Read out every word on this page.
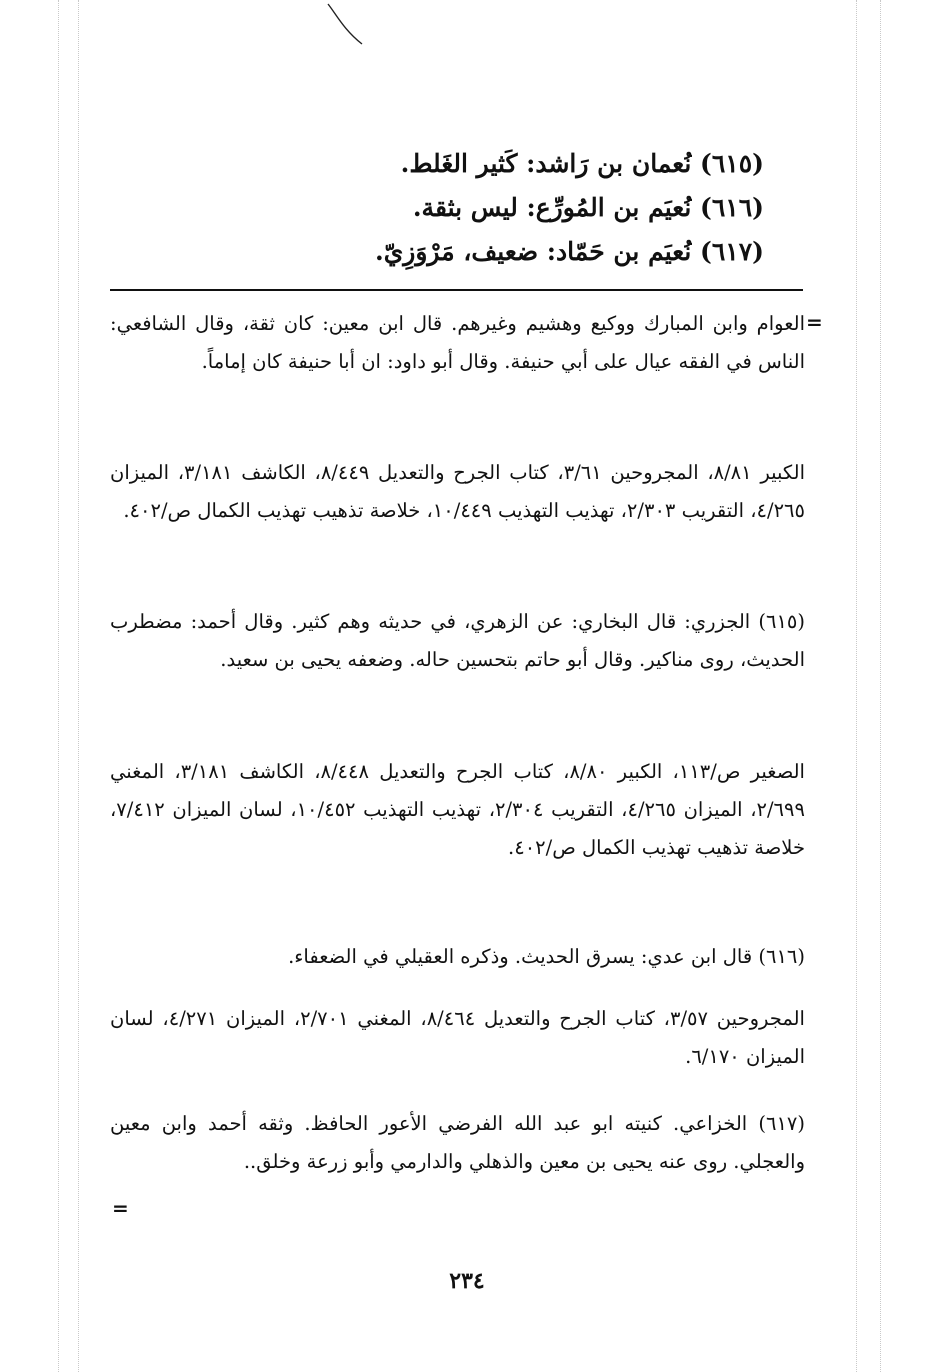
(٦١٥) نُعمان بن رَاشد: كَثير الغَلط.
(٦١٦) نُعيَم بن المُورِّع: ليس بثقة.
(٦١٧) نُعيَم بن حَمّاد: ضعيف، مَرْوَزِيّ.
=
العوام وابن المبارك ووكيع وهشيم وغيرهم. قال ابن معين: كان ثقة، وقال الشافعي: الناس في الفقه عيال على أبي حنيفة. وقال أبو داود: ان أبا حنيفة كان إماماً.
الكبير ٨/٨١، المجروحين ٣/٦١، كتاب الجرح والتعديل ٨/٤٤٩، الكاشف ٣/١٨١، الميزان ٤/٢٦٥، التقريب ٢/٣٠٣، تهذيب التهذيب ١٠/٤٤٩، خلاصة تذهيب تهذيب الكمال ص/٤٠٢.
(٦١٥) الجزري: قال البخاري: عن الزهري، في حديثه وهم كثير. وقال أحمد: مضطرب الحديث، روى مناكير. وقال أبو حاتم بتحسين حاله. وضعفه يحيى بن سعيد.
الصغير ص/١١٣، الكبير ٨/٨٠، كتاب الجرح والتعديل ٨/٤٤٨، الكاشف ٣/١٨١، المغني ٢/٦٩٩، الميزان ٤/٢٦٥، التقريب ٢/٣٠٤، تهذيب التهذيب ١٠/٤٥٢، لسان الميزان ٧/٤١٢، خلاصة تذهيب تهذيب الكمال ص/٤٠٢.
(٦١٦) قال ابن عدي: يسرق الحديث. وذكره العقيلي في الضعفاء.
المجروحين ٣/٥٧، كتاب الجرح والتعديل ٨/٤٦٤، المغني ٢/٧٠١، الميزان ٤/٢٧١، لسان الميزان ٦/١٧٠.
(٦١٧) الخزاعي. كنيته ابو عبد الله الفرضي الأعور الحافظ. وثقه أحمد وابن معين والعجلي. روى عنه يحيى بن معين والذهلي والدارمي وأبو زرعة وخلق..
=
٢٣٤
